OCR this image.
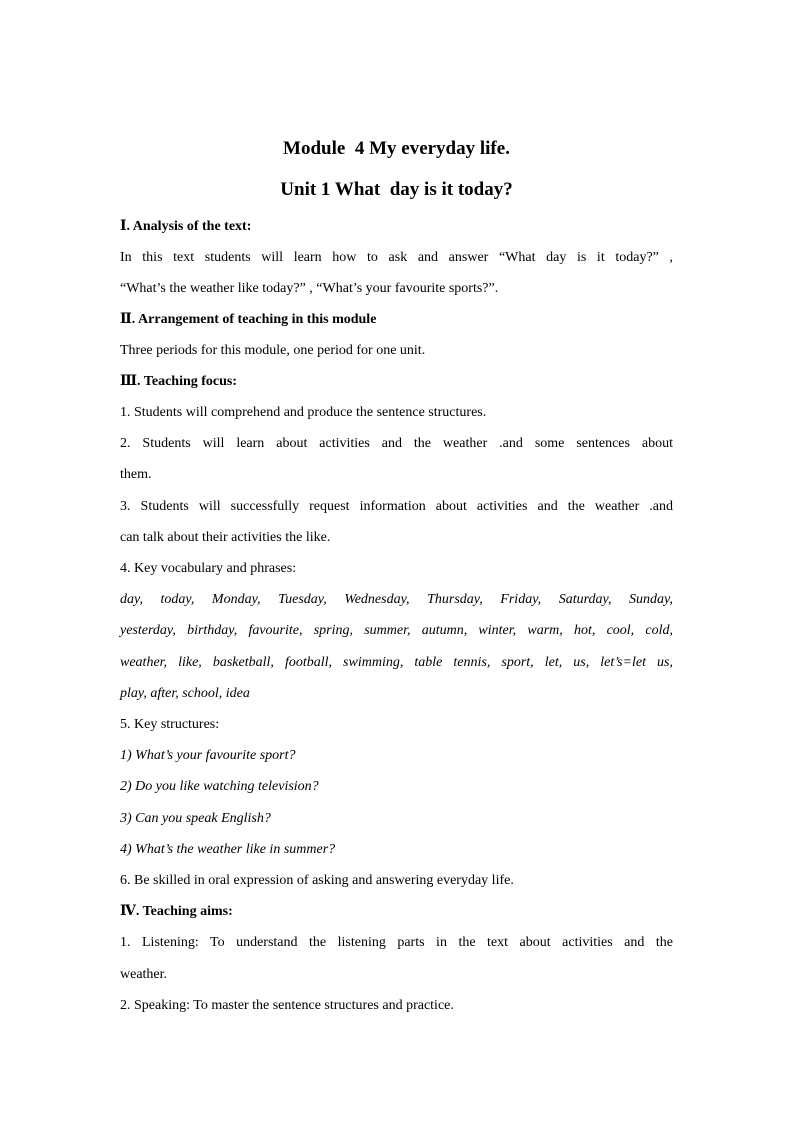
Module  4 My everyday life.
Unit 1 What  day is it today?
Ⅰ. Analysis of the text:
In this text students will learn how to ask and answer “What day is it today?” ,
“What’s the weather like today?” , “What’s your favourite sports?”.
Ⅱ. Arrangement of teaching in this module
Three periods for this module, one period for one unit.
Ⅲ. Teaching focus:
1. Students will comprehend and produce the sentence structures.
2. Students will learn about activities and the weather .and some sentences about
them.
3. Students will successfully request information about activities and the weather .and
can talk about their activities the like.
4. Key vocabulary and phrases:
day, today, Monday, Tuesday, Wednesday, Thursday, Friday, Saturday, Sunday,
yesterday, birthday, favourite, spring, summer, autumn, winter, warm, hot, cool, cold,
weather, like, basketball, football, swimming, table tennis, sport, let, us, let’s=let us,
play, after, school, idea
5. Key structures:
1) What’s your favourite sport?
2) Do you like watching television?
3) Can you speak English?
4) What’s the weather like in summer?
6. Be skilled in oral expression of asking and answering everyday life.
Ⅳ. Teaching aims:
1. Listening: To understand the listening parts in the text about activities and the
weather.
2. Speaking: To master the sentence structures and practice.
